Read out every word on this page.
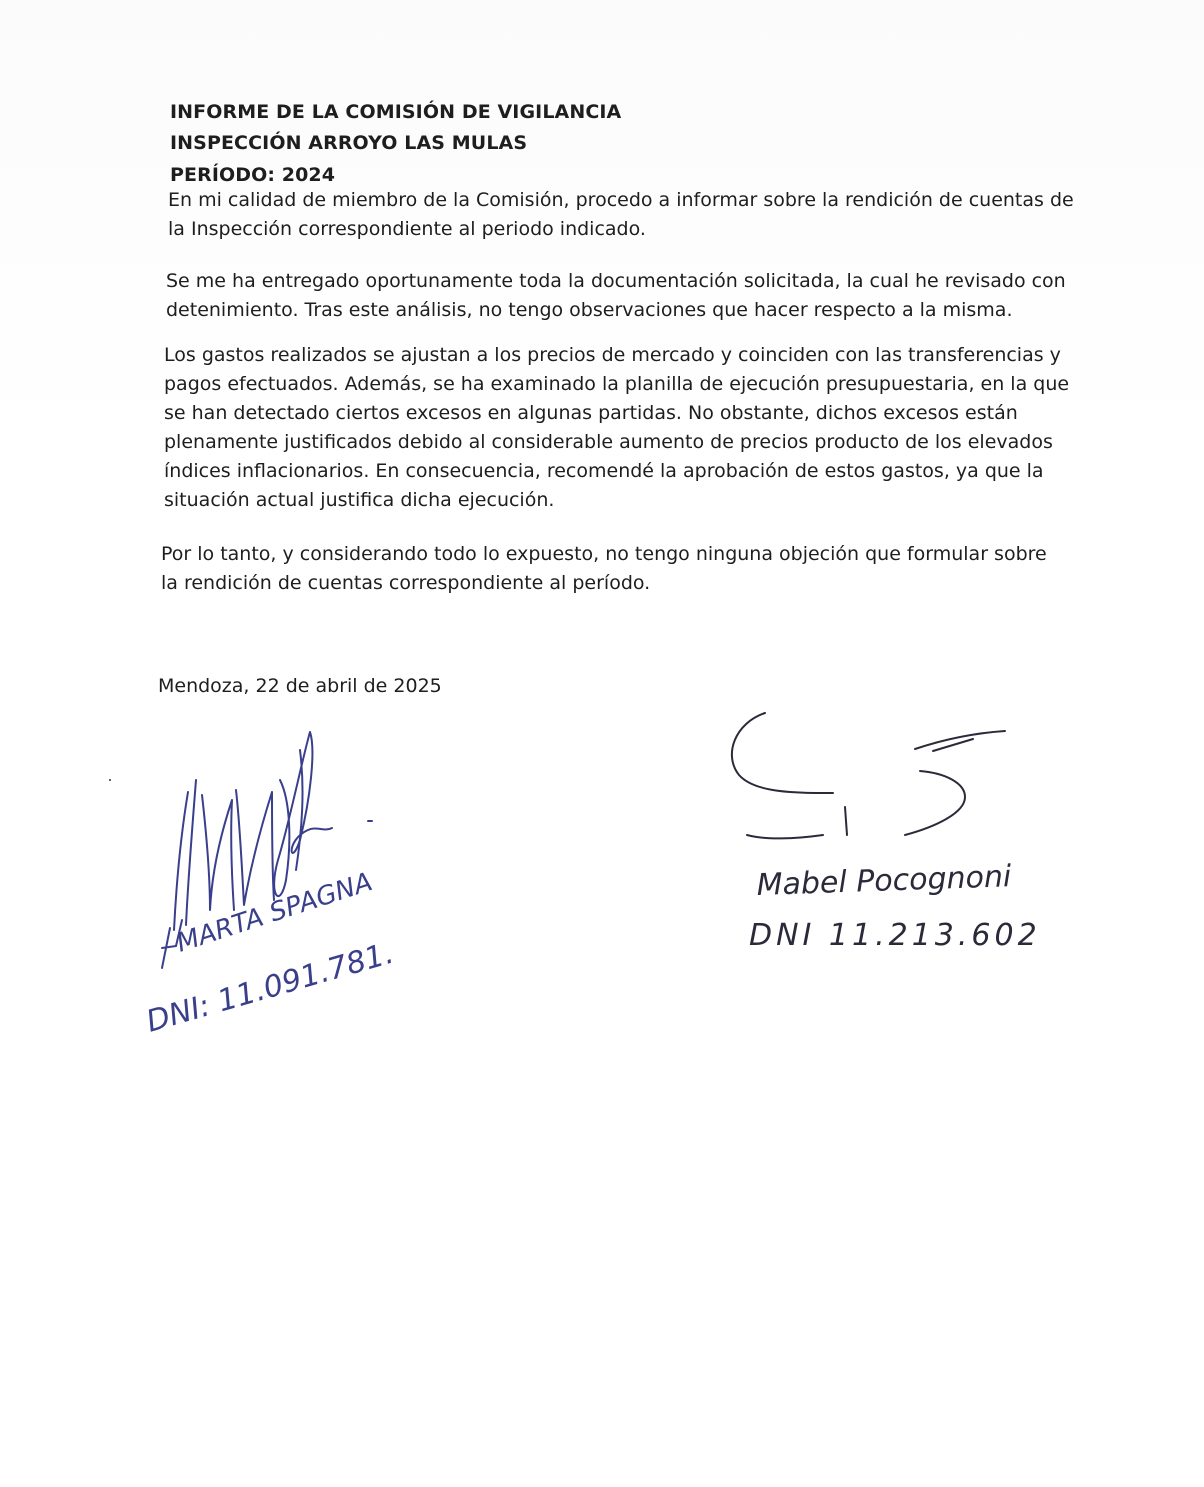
INFORME DE LA COMISIÓN DE VIGILANCIA
INSPECCIÓN ARROYO LAS MULAS
PERÍODO: 2024
En mi calidad de miembro de la Comisión, procedo a informar sobre la rendición de cuentas de
la Inspección correspondiente al periodo indicado.
Se me ha entregado oportunamente toda la documentación solicitada, la cual he revisado con
detenimiento. Tras este análisis, no tengo observaciones que hacer respecto a la misma.
Los gastos realizados se ajustan a los precios de mercado y coinciden con las transferencias y
pagos efectuados. Además, se ha examinado la planilla de ejecución presupuestaria, en la que
se han detectado ciertos excesos en algunas partidas. No obstante, dichos excesos están
plenamente justificados debido al considerable aumento de precios producto de los elevados
índices inflacionarios. En consecuencia, recomendé la aprobación de estos gastos, ya que la
situación actual justifica dicha ejecución.
Por lo tanto, y considerando todo lo expuesto, no tengo ninguna objeción que formular sobre
la rendición de cuentas correspondiente al período.
Mendoza, 22 de abril de 2025
MARTA SPAGNA
DNI: 11.091.781.
Mabel Pocognoni
DNI 11.213.602
